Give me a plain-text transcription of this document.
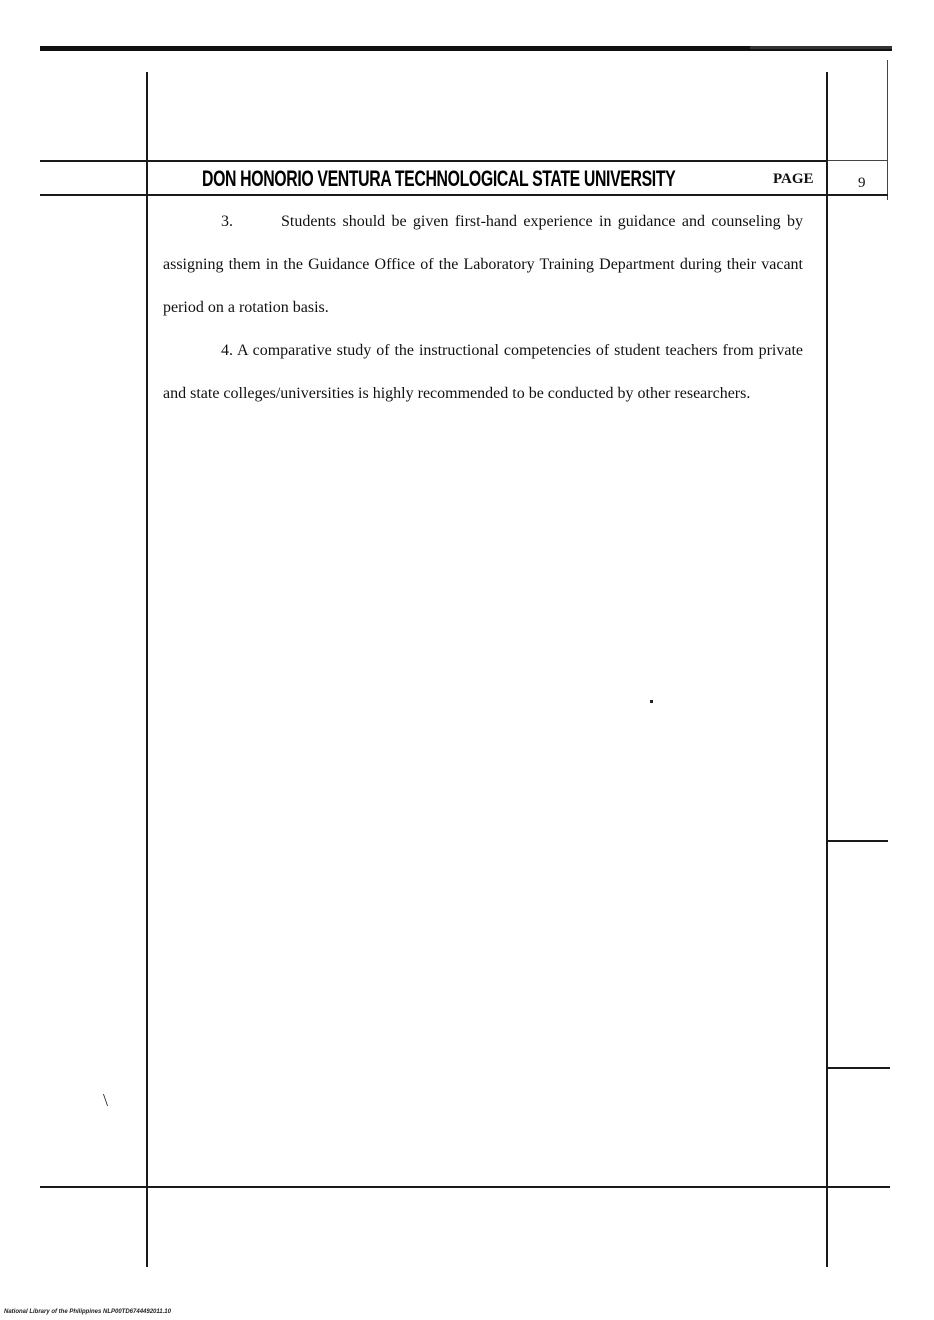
DON HONORIO VENTURA TECHNOLOGICAL STATE UNIVERSITY	PAGE	9

3.	Students should be given first-hand experience in guidance and counseling by assigning them in the Guidance Office of the Laboratory Training Department during their vacant period on a rotation basis.

4. A comparative study of the instructional competencies of student teachers from private and state colleges/universities is highly recommended to be conducted by other researchers.

\
National Library of the Philippines NLP00TD6744492011.10
